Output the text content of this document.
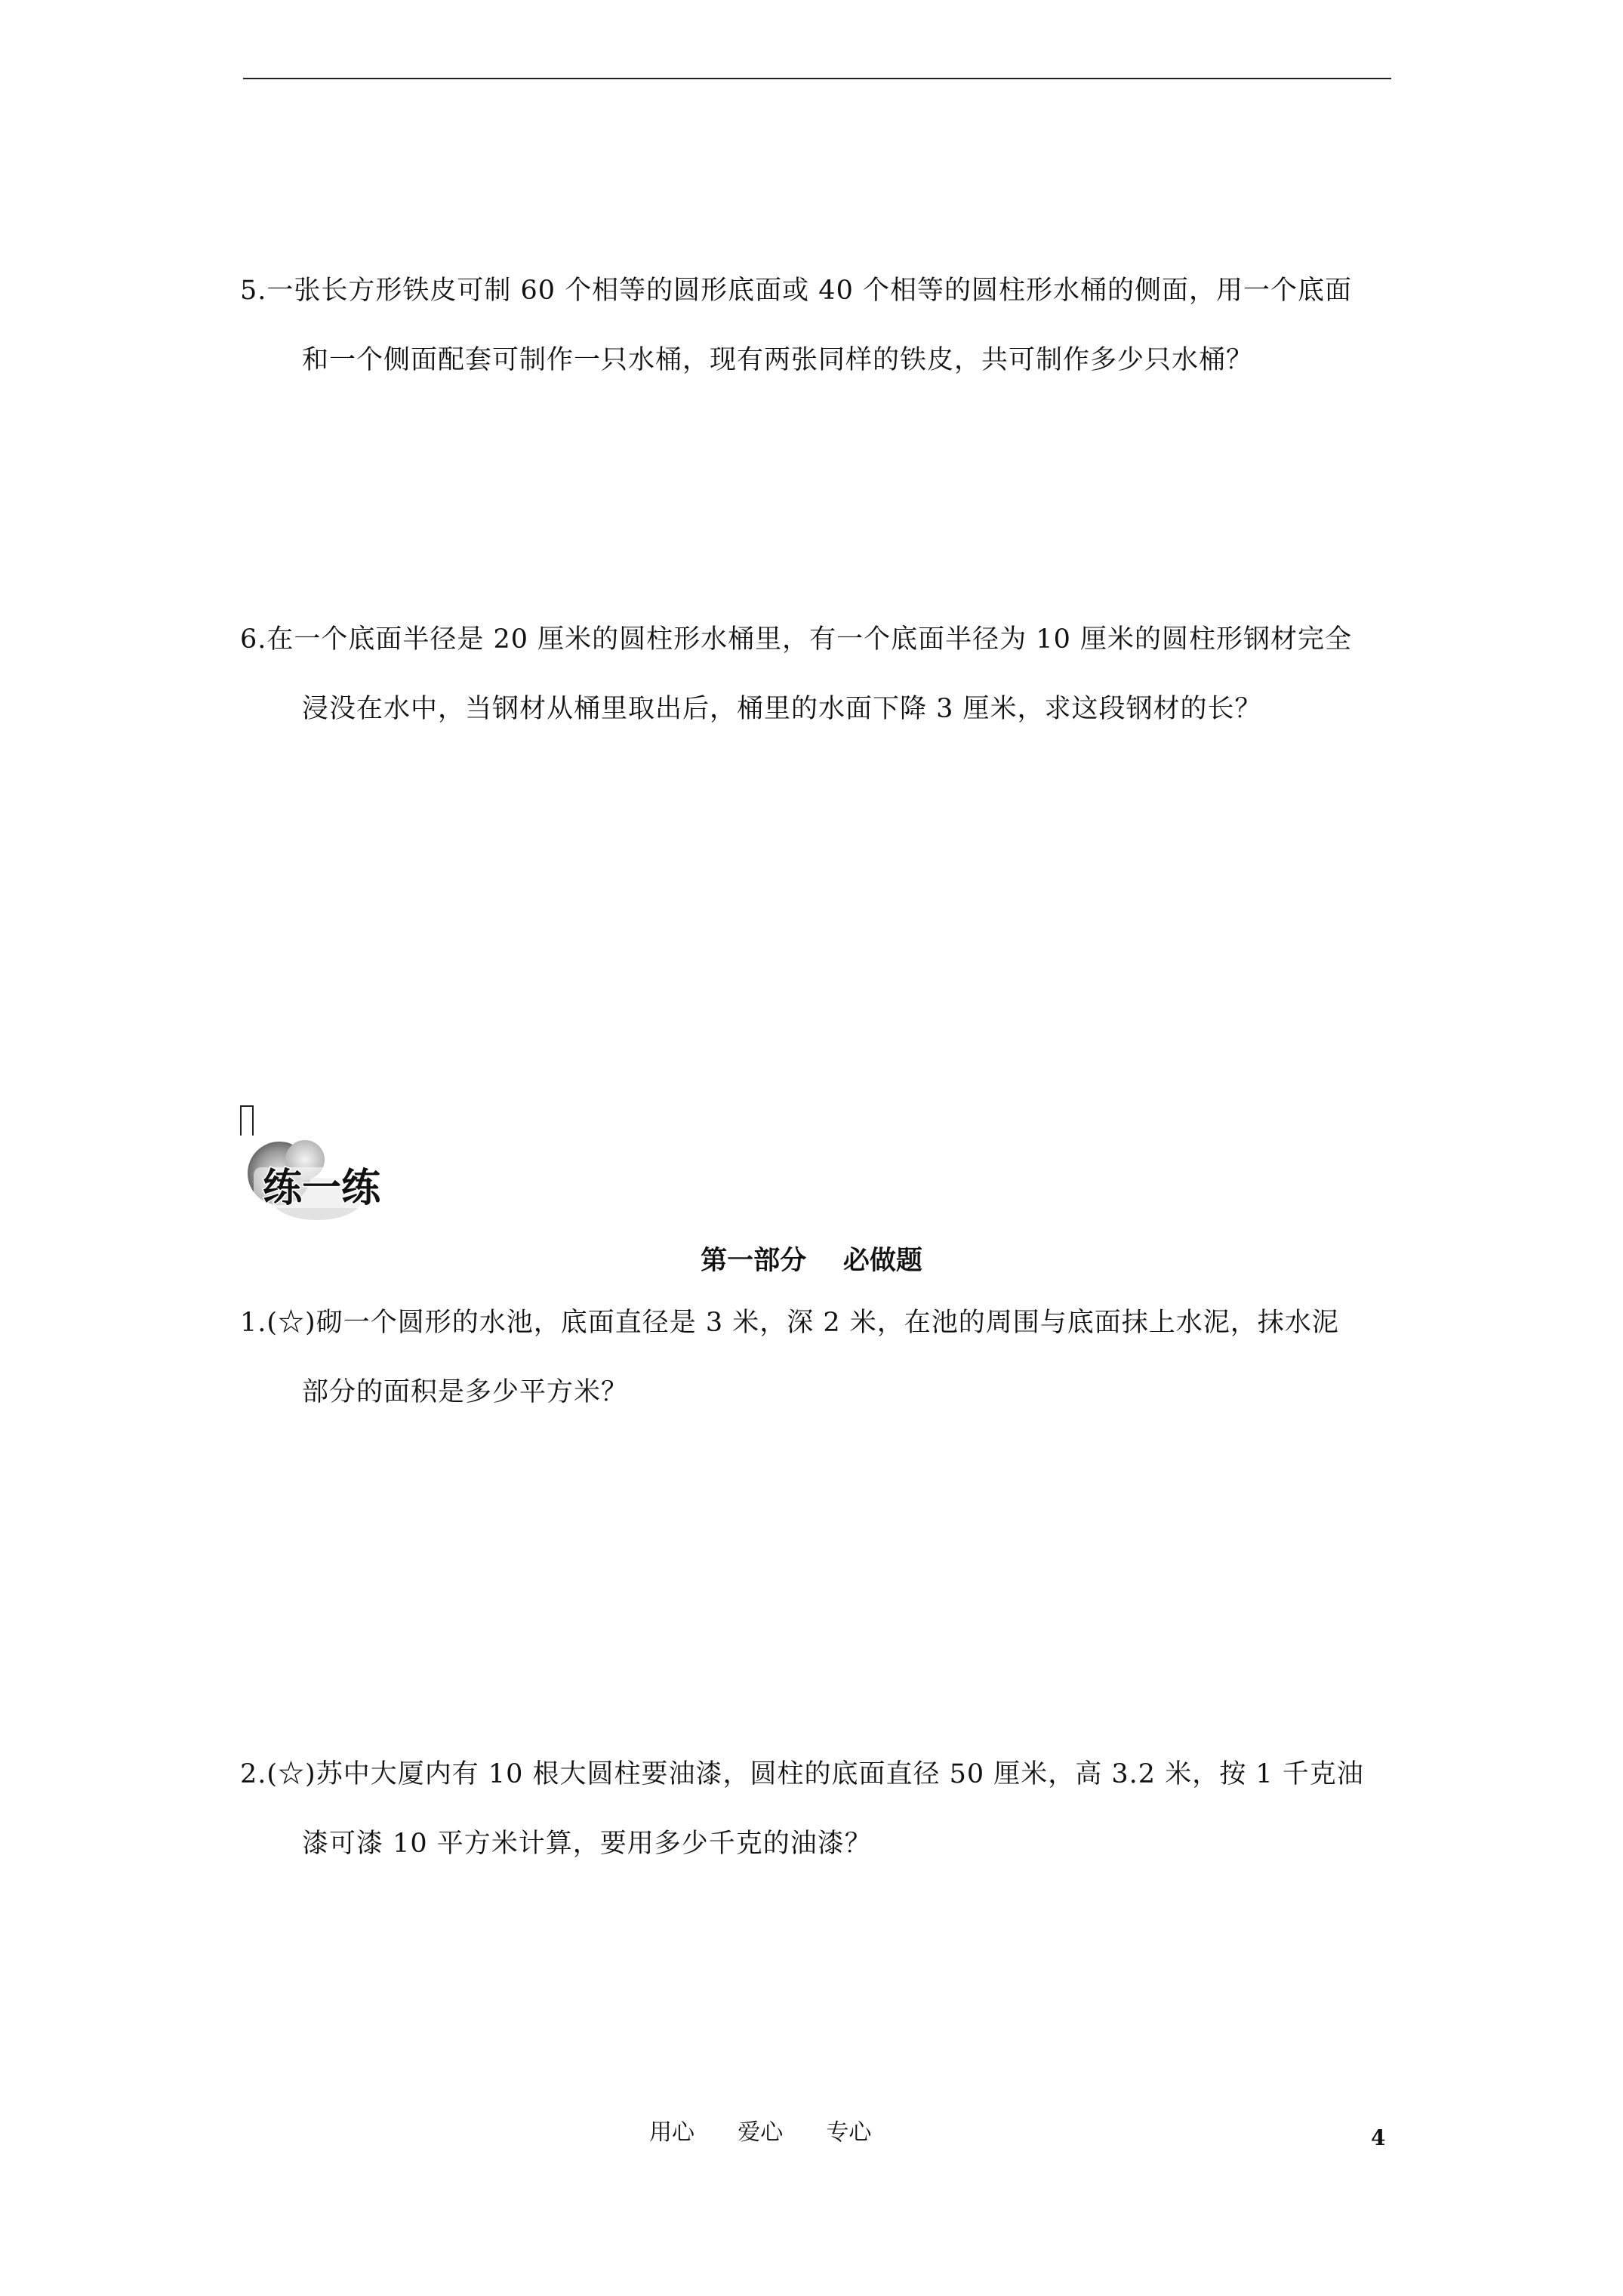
5.一张长方形铁皮可制 60 个相等的圆形底面或 40 个相等的圆柱形水桶的侧面，用一个底面
和一个侧面配套可制作一只水桶，现有两张同样的铁皮，共可制作多少只水桶？
6.在一个底面半径是 20 厘米的圆柱形水桶里，有一个底面半径为 10 厘米的圆柱形钢材完全
浸没在水中，当钢材从桶里取出后，桶里的水面下降 3 厘米，求这段钢材的长？
练一练
第一部分    必做题
1.(☆)砌一个圆形的水池，底面直径是 3 米，深 2 米，在池的周围与底面抹上水泥，抹水泥
部分的面积是多少平方米？
2.(☆)苏中大厦内有 10 根大圆柱要油漆，圆柱的底面直径 50 厘米，高 3.2 米，按 1 千克油
漆可漆 10 平方米计算，要用多少千克的油漆？
用心      爱心      专心	4
